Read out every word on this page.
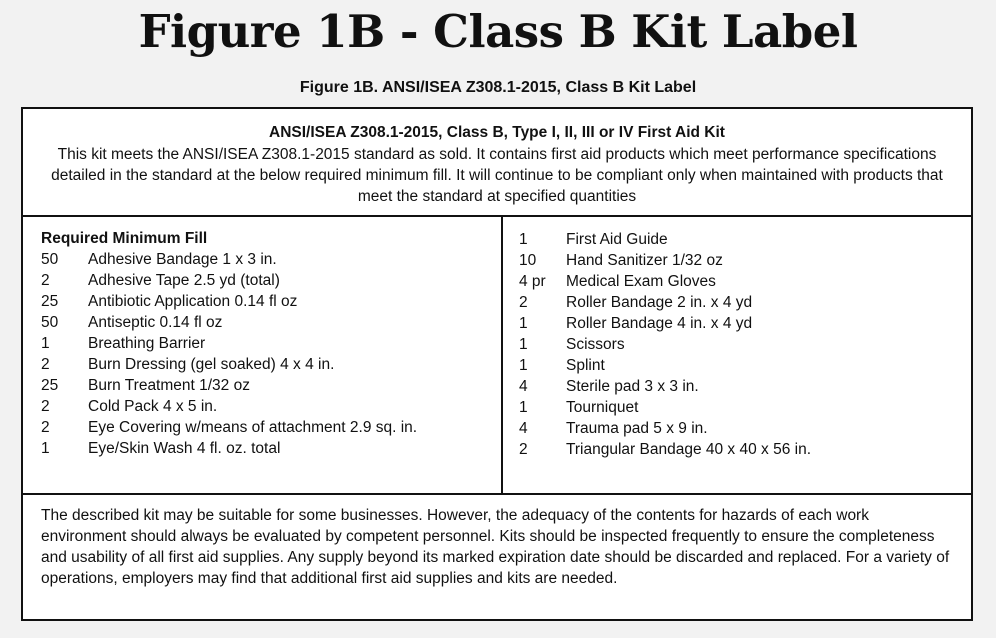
Figure 1B - Class B Kit Label
Figure 1B. ANSI/ISEA Z308.1-2015, Class B Kit Label
ANSI/ISEA Z308.1-2015, Class B, Type I, II, III or IV First Aid Kit
This kit meets the ANSI/ISEA Z308.1-2015 standard as sold. It contains first aid products which meet performance specifications detailed in the standard at the below required minimum fill. It will continue to be compliant only when maintained with products that meet the standard at specified quantities
Required Minimum Fill
50	Adhesive Bandage 1 x 3 in.
2	Adhesive Tape 2.5 yd (total)
25	Antibiotic Application 0.14 fl oz
50	Antiseptic 0.14 fl oz
1	Breathing Barrier
2	Burn Dressing (gel soaked) 4 x 4 in.
25	Burn Treatment 1/32 oz
2	Cold Pack 4 x 5 in.
2	Eye Covering w/means of attachment 2.9 sq. in.
1	Eye/Skin Wash 4 fl. oz. total
1	First Aid Guide
10	Hand Sanitizer 1/32 oz
4 pr	Medical Exam Gloves
2	Roller Bandage 2 in. x 4 yd
1	Roller Bandage 4 in. x 4 yd
1	Scissors
1	Splint
4	Sterile pad 3 x 3 in.
1	Tourniquet
4	Trauma pad 5 x 9 in.
2	Triangular Bandage 40 x 40 x 56 in.
The described kit may be suitable for some businesses. However, the adequacy of the contents for hazards of each work environment should always be evaluated by competent personnel. Kits should be inspected frequently to ensure the completeness and usability of all first aid supplies. Any supply beyond its marked expiration date should be discarded and replaced. For a variety of operations, employers may find that additional first aid supplies and kits are needed.
